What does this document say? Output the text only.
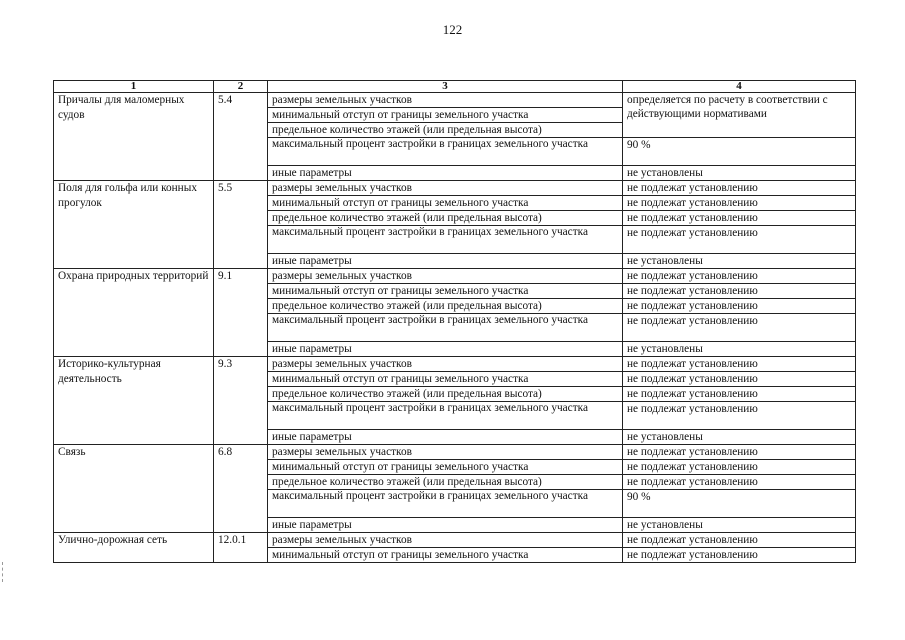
122
1	2	3	4
Причалы для маломерных судов	5.4	размеры земельных участков	определяется по расчету в соответствии с действующими нормативами
		минимальный отступ от границы земельного участка	
		предельное количество этажей (или предельная высота)	
		максимальный процент застройки в границах земельного участка	90 %
		иные параметры	не установлены
Поля для гольфа или конных прогулок	5.5	размеры земельных участков	не подлежат установлению
		минимальный отступ от границы земельного участка	не подлежат установлению
		предельное количество этажей (или предельная высота)	не подлежат установлению
		максимальный процент застройки в границах земельного участка	не подлежат установлению
		иные параметры	не установлены
Охрана природных территорий	9.1	размеры земельных участков	не подлежат установлению
		минимальный отступ от границы земельного участка	не подлежат установлению
		предельное количество этажей (или предельная высота)	не подлежат установлению
		максимальный процент застройки в границах земельного участка	не подлежат установлению
		иные параметры	не установлены
Историко-культурная деятельность	9.3	размеры земельных участков	не подлежат установлению
		минимальный отступ от границы земельного участка	не подлежат установлению
		предельное количество этажей (или предельная высота)	не подлежат установлению
		максимальный процент застройки в границах земельного участка	не подлежат установлению
		иные параметры	не установлены
Связь	6.8	размеры земельных участков	не подлежат установлению
		минимальный отступ от границы земельного участка	не подлежат установлению
		предельное количество этажей (или предельная высота)	не подлежат установлению
		максимальный процент застройки в границах земельного участка	90 %
		иные параметры	не установлены
Улично-дорожная сеть	12.0.1	размеры земельных участков	не подлежат установлению
		минимальный отступ от границы земельного участка	не подлежат установлению
